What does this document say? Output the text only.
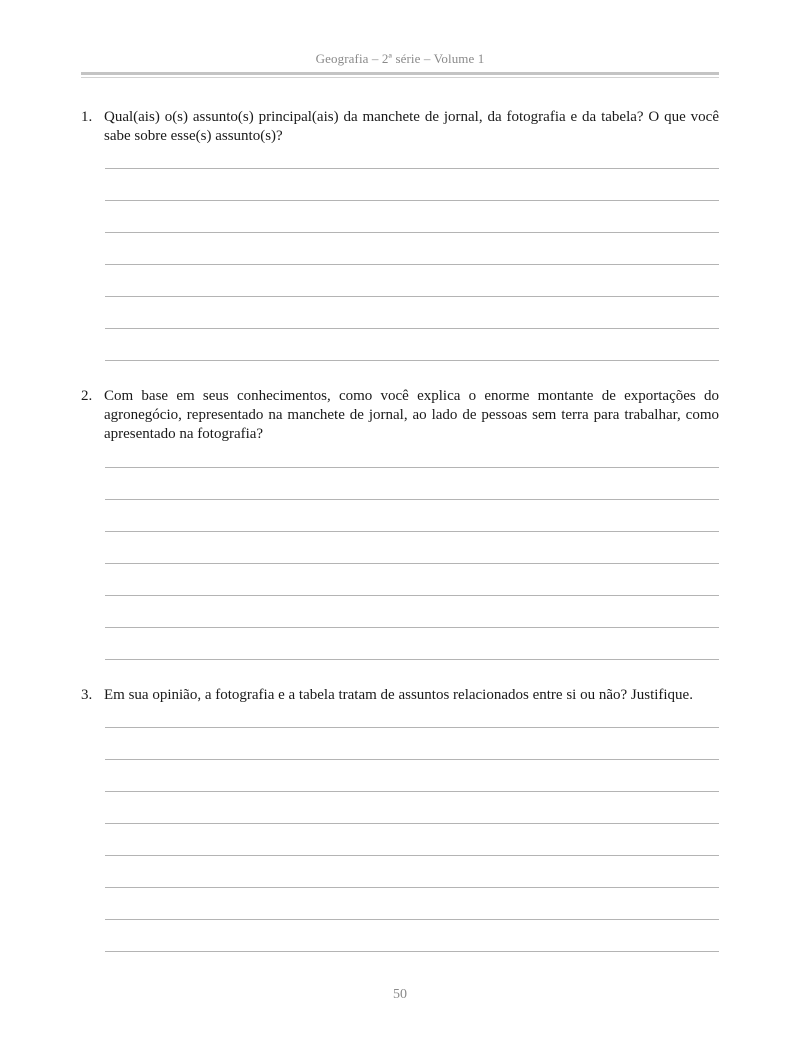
Geografia – 2ª série – Volume 1
1. Qual(ais) o(s) assunto(s) principal(ais) da manchete de jornal, da fotografia e da tabela? O que você sabe sobre esse(s) assunto(s)?
2. Com base em seus conhecimentos, como você explica o enorme montante de exportações do agronegócio, representado na manchete de jornal, ao lado de pessoas sem terra para trabalhar, como apresentado na fotografia?
3. Em sua opinião, a fotografia e a tabela tratam de assuntos relacionados entre si ou não? Justifique.
50
